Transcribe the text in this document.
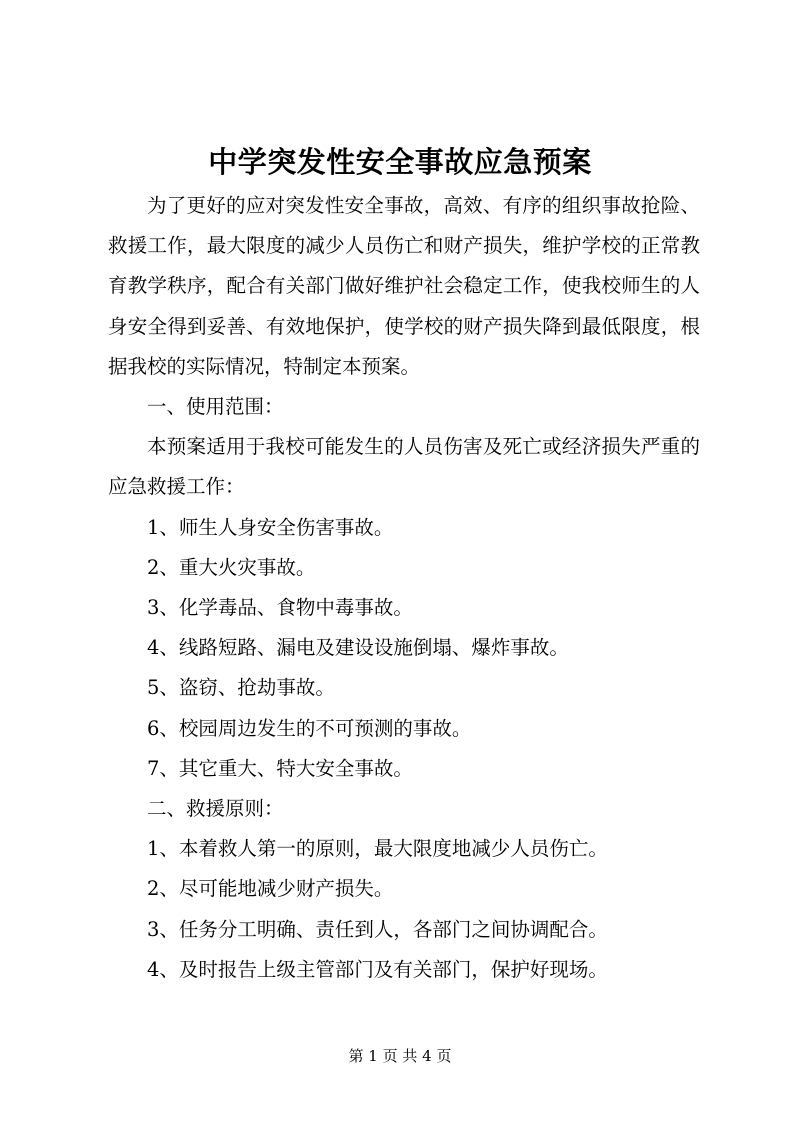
中学突发性安全事故应急预案

为了更好的应对突发性安全事故，高效、有序的组织事故抢险、救援工作，最大限度的减少人员伤亡和财产损失，维护学校的正常教育教学秩序，配合有关部门做好维护社会稳定工作，使我校师生的人身安全得到妥善、有效地保护，使学校的财产损失降到最低限度，根据我校的实际情况，特制定本预案。

一、使用范围：

本预案适用于我校可能发生的人员伤害及死亡或经济损失严重的应急救援工作：

1、师生人身安全伤害事故。

2、重大火灾事故。

3、化学毒品、食物中毒事故。

4、线路短路、漏电及建设设施倒塌、爆炸事故。

5、盗窃、抢劫事故。

6、校园周边发生的不可预测的事故。

7、其它重大、特大安全事故。

二、救援原则：

1、本着救人第一的原则，最大限度地减少人员伤亡。

2、尽可能地减少财产损失。

3、任务分工明确、责任到人，各部门之间协调配合。

4、及时报告上级主管部门及有关部门，保护好现场。

第 1 页 共 4 页
